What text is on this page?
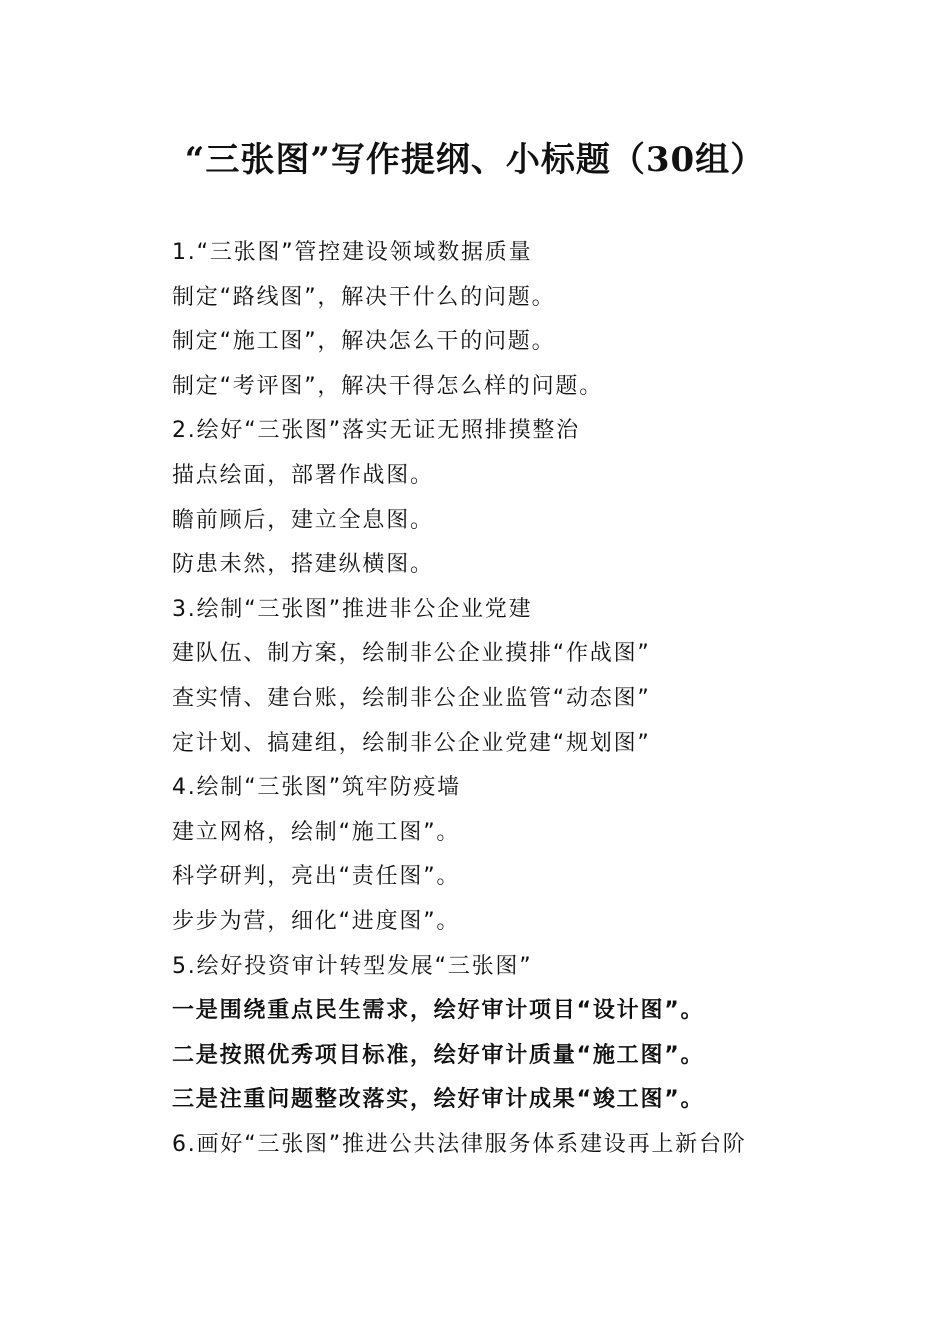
“三张图”写作提纲、小标题（30组）
1.“三张图”管控建设领域数据质量
制定“路线图”，解决干什么的问题。
制定“施工图”，解决怎么干的问题。
制定“考评图”，解决干得怎么样的问题。
2.绘好“三张图”落实无证无照排摸整治
描点绘面，部署作战图。
瞻前顾后，建立全息图。
防患未然，搭建纵横图。
3.绘制“三张图”推进非公企业党建
建队伍、制方案，绘制非公企业摸排“作战图”
查实情、建台账，绘制非公企业监管“动态图”
定计划、搞建组，绘制非公企业党建“规划图”
4.绘制“三张图”筑牢防疫墙
建立网格，绘制“施工图”。
科学研判，亮出“责任图”。
步步为营，细化“进度图”。
5.绘好投资审计转型发展“三张图”
一是围绕重点民生需求，绘好审计项目“设计图”。
二是按照优秀项目标准，绘好审计质量“施工图”。
三是注重问题整改落实，绘好审计成果“竣工图”。
6.画好“三张图”推进公共法律服务体系建设再上新台阶
